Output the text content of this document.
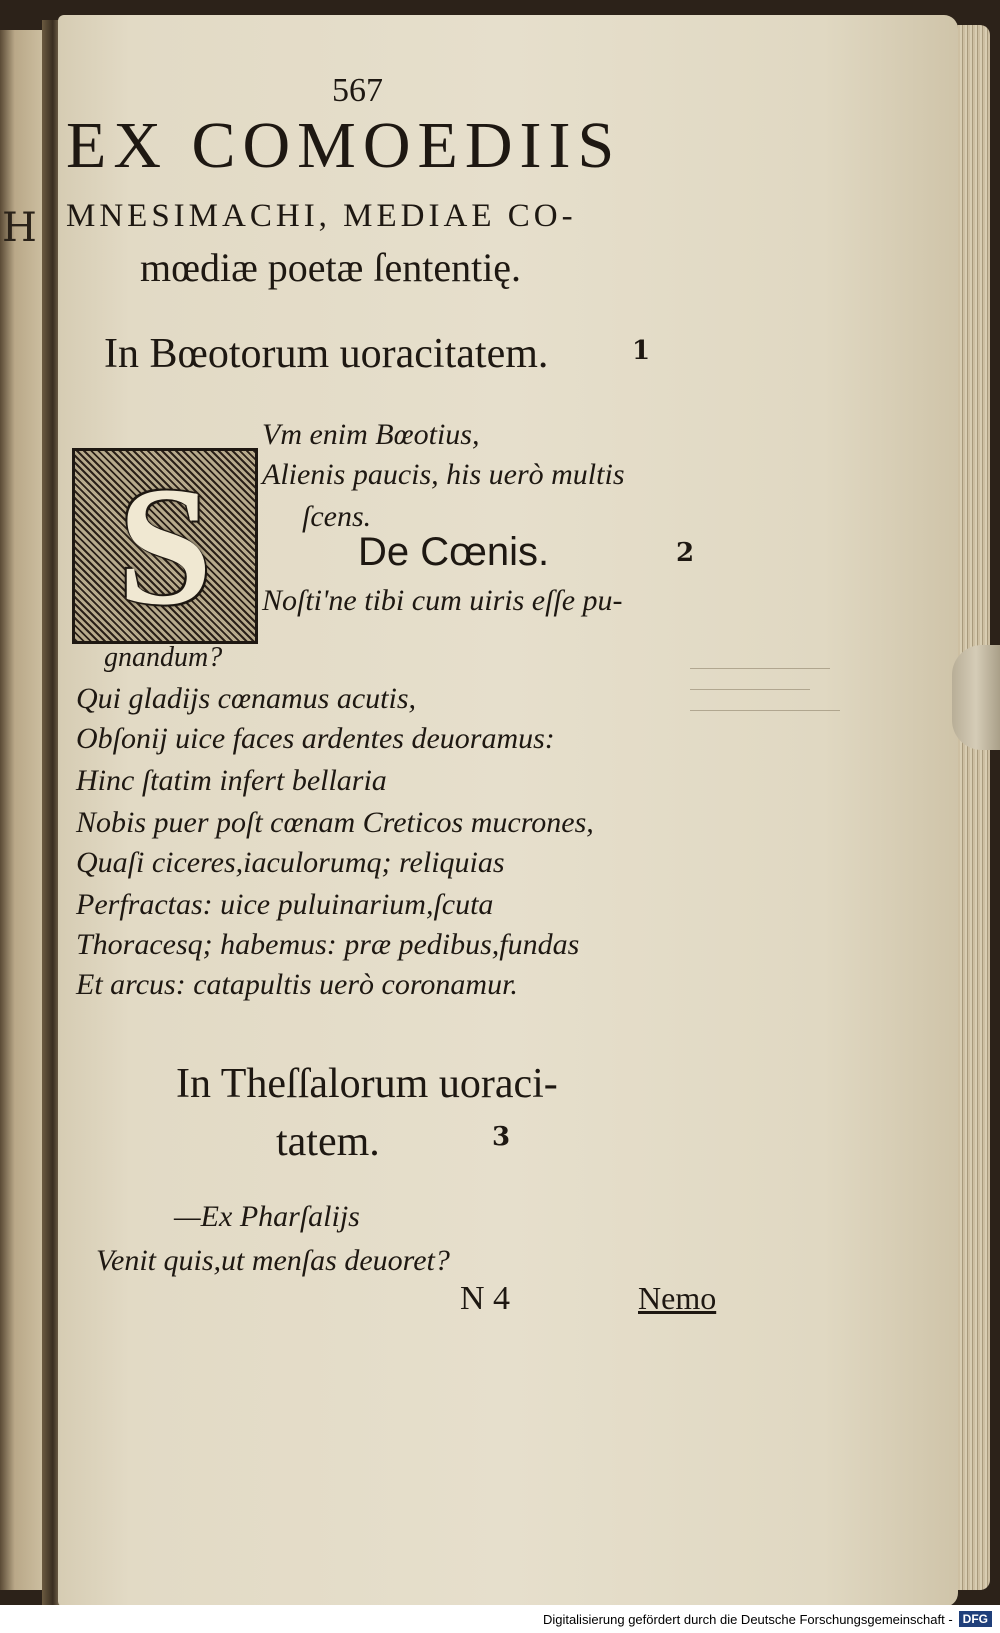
H
567
EX COMOEDIIS
MNESIMACHI, MEDIAE CO-
mœdiæ poetæ ſententię.
In Bœotorum uoracitatem.	1
S
Vm enim Bœotius,
Alienis paucis, his uerò multis
ſcens.
De Cœnis.	2
Noſti'ne tibi cum uiris eſſe pu-
gnandum?
Qui gladijs cœnamus acutis,
Obſonij uice faces ardentes deuoramus:
Hinc ſtatim infert bellaria
Nobis puer poſt cœnam Creticos mucrones,
Quaſi ciceres,iaculorumq; reliquias
Perfractas: uice puluinarium,ſcuta
Thoracesq; habemus: præ pedibus,fundas
Et arcus: catapultis uerò coronamur.
In Theſſalorum uoraci-
tatem.	3
—Ex Pharſalijs
Venit quis,ut menſas deuoret?
N 4	Nemo
Digitalisierung gefördert durch die Deutsche Forschungsgemeinschaft - DFG
